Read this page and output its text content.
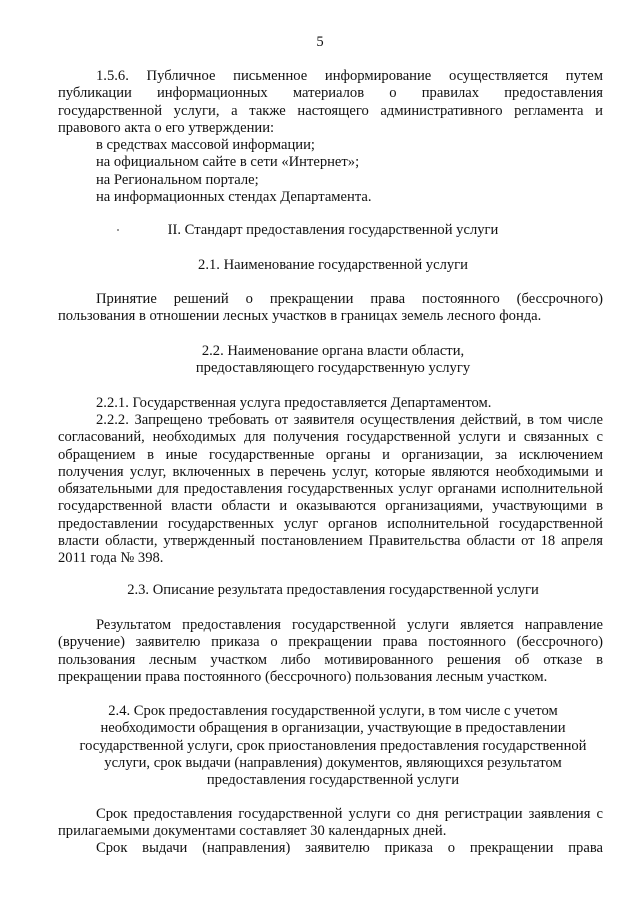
5
1.5.6. Публичное письменное информирование осуществляется путем публикации информационных материалов о правилах предоставления государственной услуги, а также настоящего административного регламента и правового акта о его утверждении:
в средствах массовой информации;
на официальном сайте в сети «Интернет»;
на Региональном портале;
на информационных стендах Департамента.
II. Стандарт предоставления государственной услуги
2.1. Наименование государственной услуги
Принятие решений о прекращении права постоянного (бессрочного) пользования в отношении лесных участков в границах земель лесного фонда.
2.2. Наименование органа власти области,
предоставляющего государственную услугу
2.2.1. Государственная услуга предоставляется Департаментом.
2.2.2. Запрещено требовать от заявителя осуществления действий, в том числе согласований, необходимых для получения государственной услуги и связанных с обращением в иные государственные органы и организации, за исключением получения услуг, включенных в перечень услуг, которые являются необходимыми и обязательными для предоставления государственных услуг органами исполнительной государственной власти области и оказываются организациями, участвующими в предоставлении государственных услуг органов исполнительной государственной власти области, утвержденный постановлением Правительства области от 18 апреля 2011 года № 398.
2.3. Описание результата предоставления государственной услуги
Результатом предоставления государственной услуги является направление (вручение) заявителю приказа о прекращении права постоянного (бессрочного) пользования лесным участком либо мотивированного решения об отказе в прекращении права постоянного (бессрочного) пользования лесным участком.
2.4. Срок предоставления государственной услуги, в том числе с учетом
необходимости обращения в организации, участвующие в предоставлении
государственной услуги, срок приостановления предоставления государственной
услуги, срок выдачи (направления) документов, являющихся результатом
предоставления государственной услуги
Срок предоставления государственной услуги со дня регистрации заявления с прилагаемыми документами составляет 30 календарных дней.
Срок выдачи (направления) заявителю приказа о прекращении права
